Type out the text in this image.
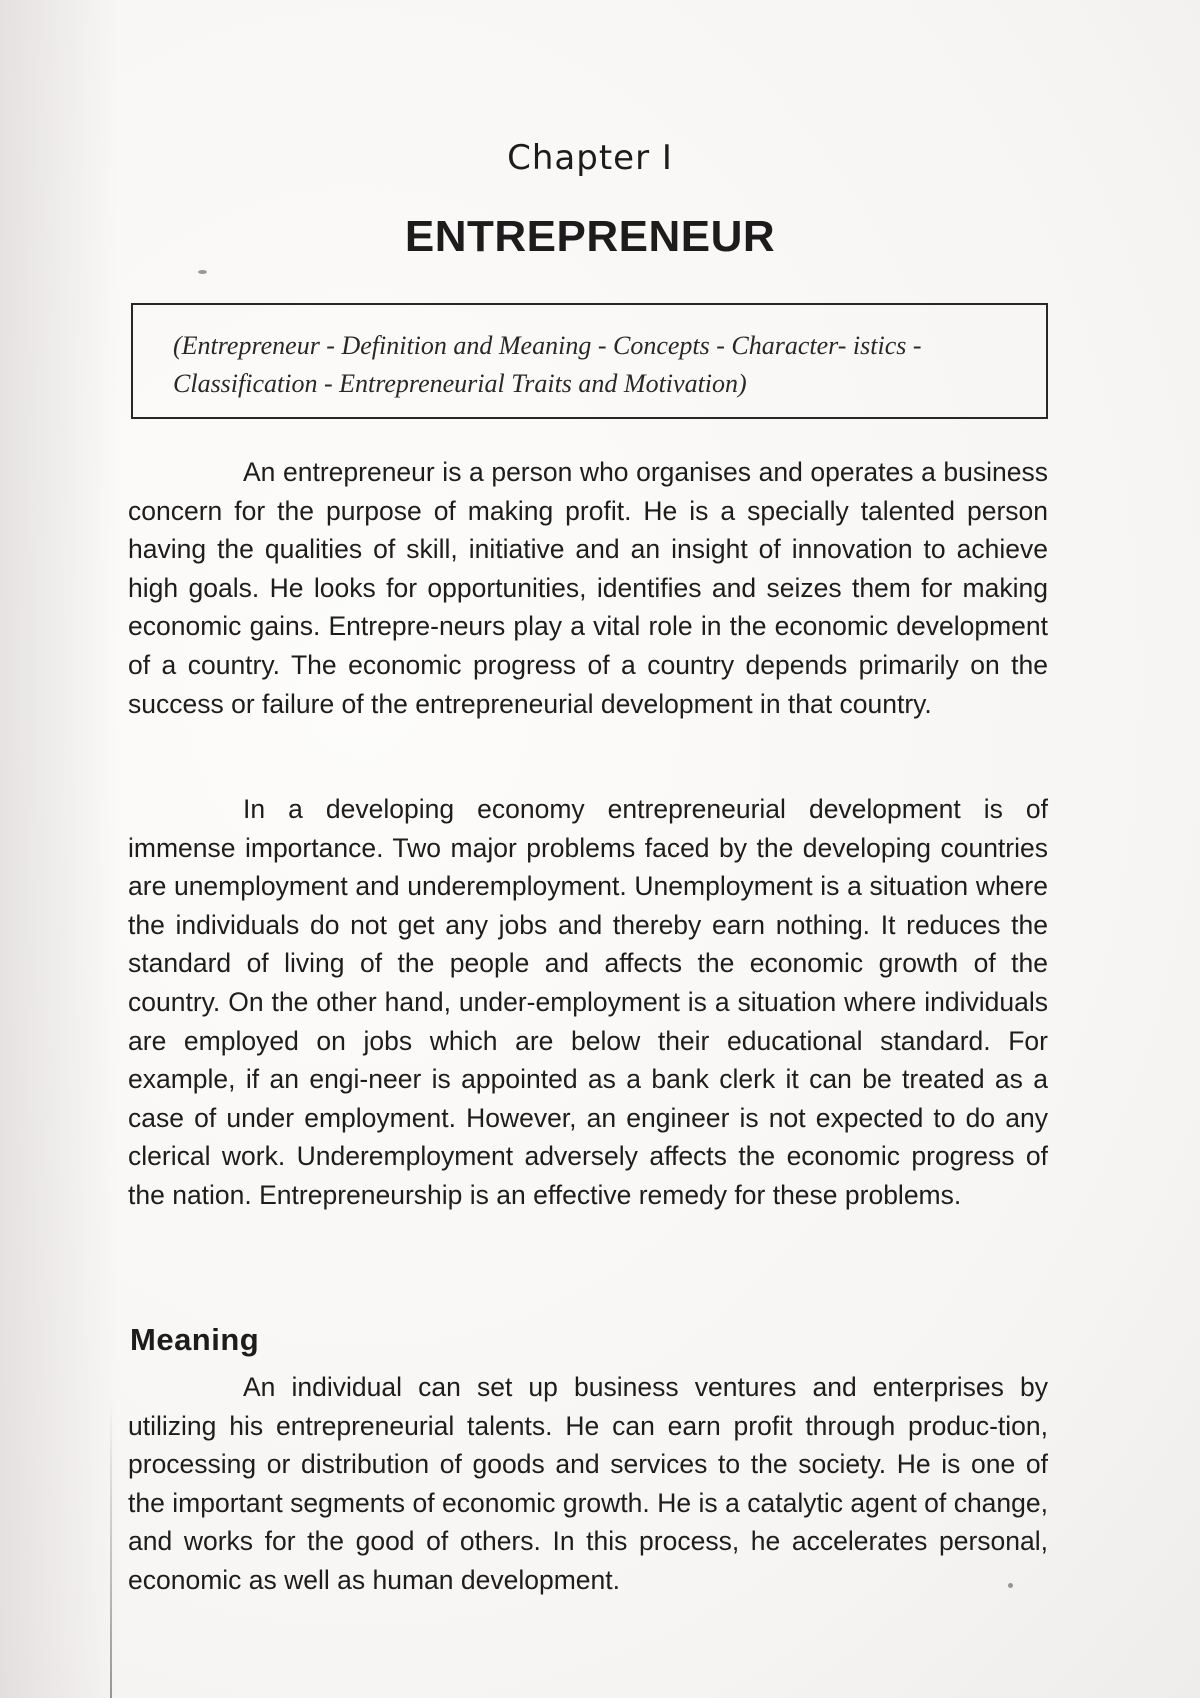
Chapter I
ENTREPRENEUR
(Entrepreneur - Definition and Meaning - Concepts - Character- istics - Classification - Entrepreneurial Traits and Motivation)

An entrepreneur is a person who organises and operates a business concern for the purpose of making profit. He is a specially talented person having the qualities of skill, initiative and an insight of innovation to achieve high goals. He looks for opportunities, identifies and seizes them for making economic gains. Entrepre-neurs play a vital role in the economic development of a country. The economic progress of a country depends primarily on the success or failure of the entrepreneurial development in that country.

In a developing economy entrepreneurial development is of immense importance. Two major problems faced by the developing countries are unemployment and underemployment. Unemployment is a situation where the individuals do not get any jobs and thereby earn nothing. It reduces the standard of living of the people and affects the economic growth of the country. On the other hand, under-employment is a situation where individuals are employed on jobs which are below their educational standard. For example, if an engi-neer is appointed as a bank clerk it can be treated as a case of under employment. However, an engineer is not expected to do any clerical work. Underemployment adversely affects the economic progress of the nation. Entrepreneurship is an effective remedy for these problems.

Meaning

An individual can set up business ventures and enterprises by utilizing his entrepreneurial talents. He can earn profit through produc-tion, processing or distribution of goods and services to the society. He is one of the important segments of economic growth. He is a catalytic agent of change, and works for the good of others. In this process, he accelerates personal, economic as well as human development.
